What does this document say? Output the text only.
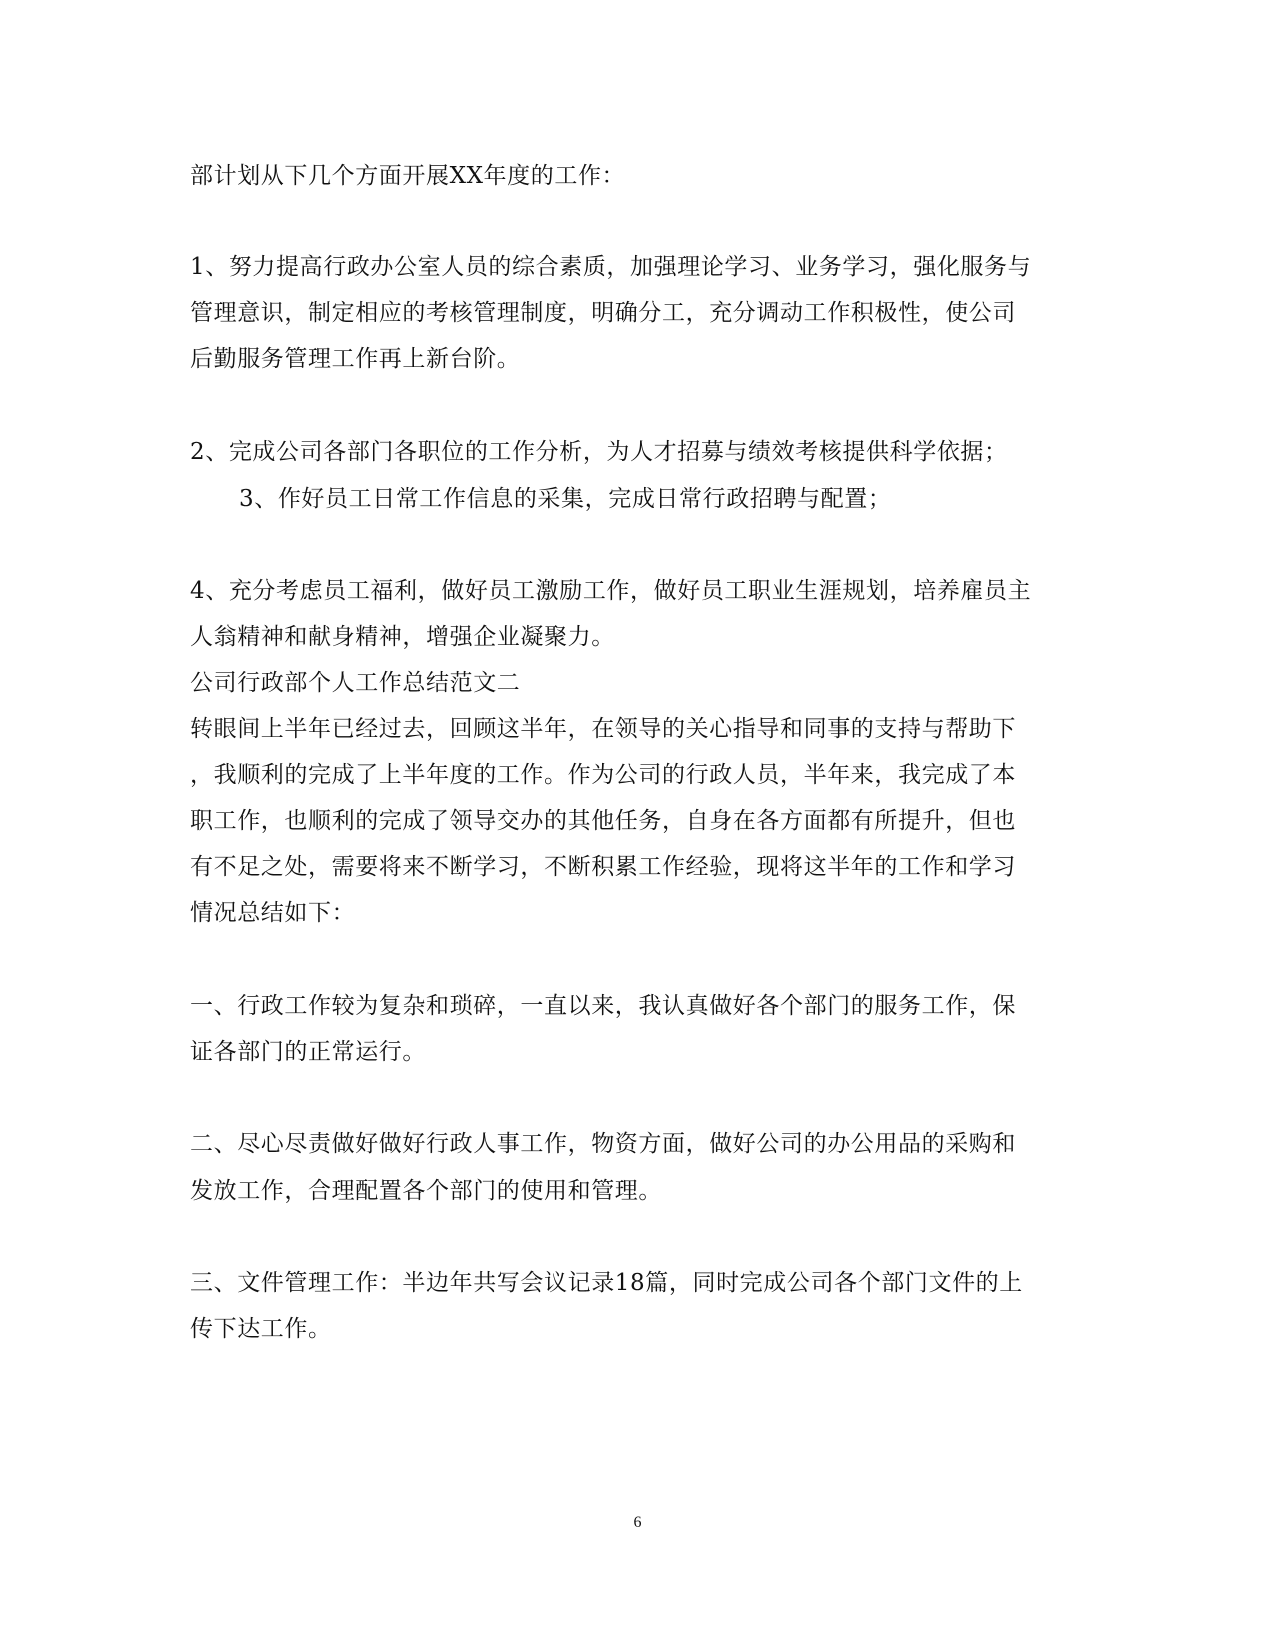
部计划从下几个方面开展XX年度的工作：
1、努力提高行政办公室人员的综合素质，加强理论学习、业务学习，强化服务与
管理意识，制定相应的考核管理制度，明确分工，充分调动工作积极性，使公司
后勤服务管理工作再上新台阶。
2、完成公司各部门各职位的工作分析，为人才招募与绩效考核提供科学依据；
3、作好员工日常工作信息的采集，完成日常行政招聘与配置；
4、充分考虑员工福利，做好员工激励工作，做好员工职业生涯规划，培养雇员主
人翁精神和献身精神，增强企业凝聚力。
公司行政部个人工作总结范文二
转眼间上半年已经过去，回顾这半年，在领导的关心指导和同事的支持与帮助下
，我顺利的完成了上半年度的工作。作为公司的行政人员，半年来，我完成了本
职工作，也顺利的完成了领导交办的其他任务，自身在各方面都有所提升，但也
有不足之处，需要将来不断学习，不断积累工作经验，现将这半年的工作和学习
情况总结如下：
一、行政工作较为复杂和琐碎，一直以来，我认真做好各个部门的服务工作，保
证各部门的正常运行。
二、尽心尽责做好做好行政人事工作，物资方面，做好公司的办公用品的采购和
发放工作，合理配置各个部门的使用和管理。
三、文件管理工作：半边年共写会议记录18篇，同时完成公司各个部门文件的上
传下达工作。
6
